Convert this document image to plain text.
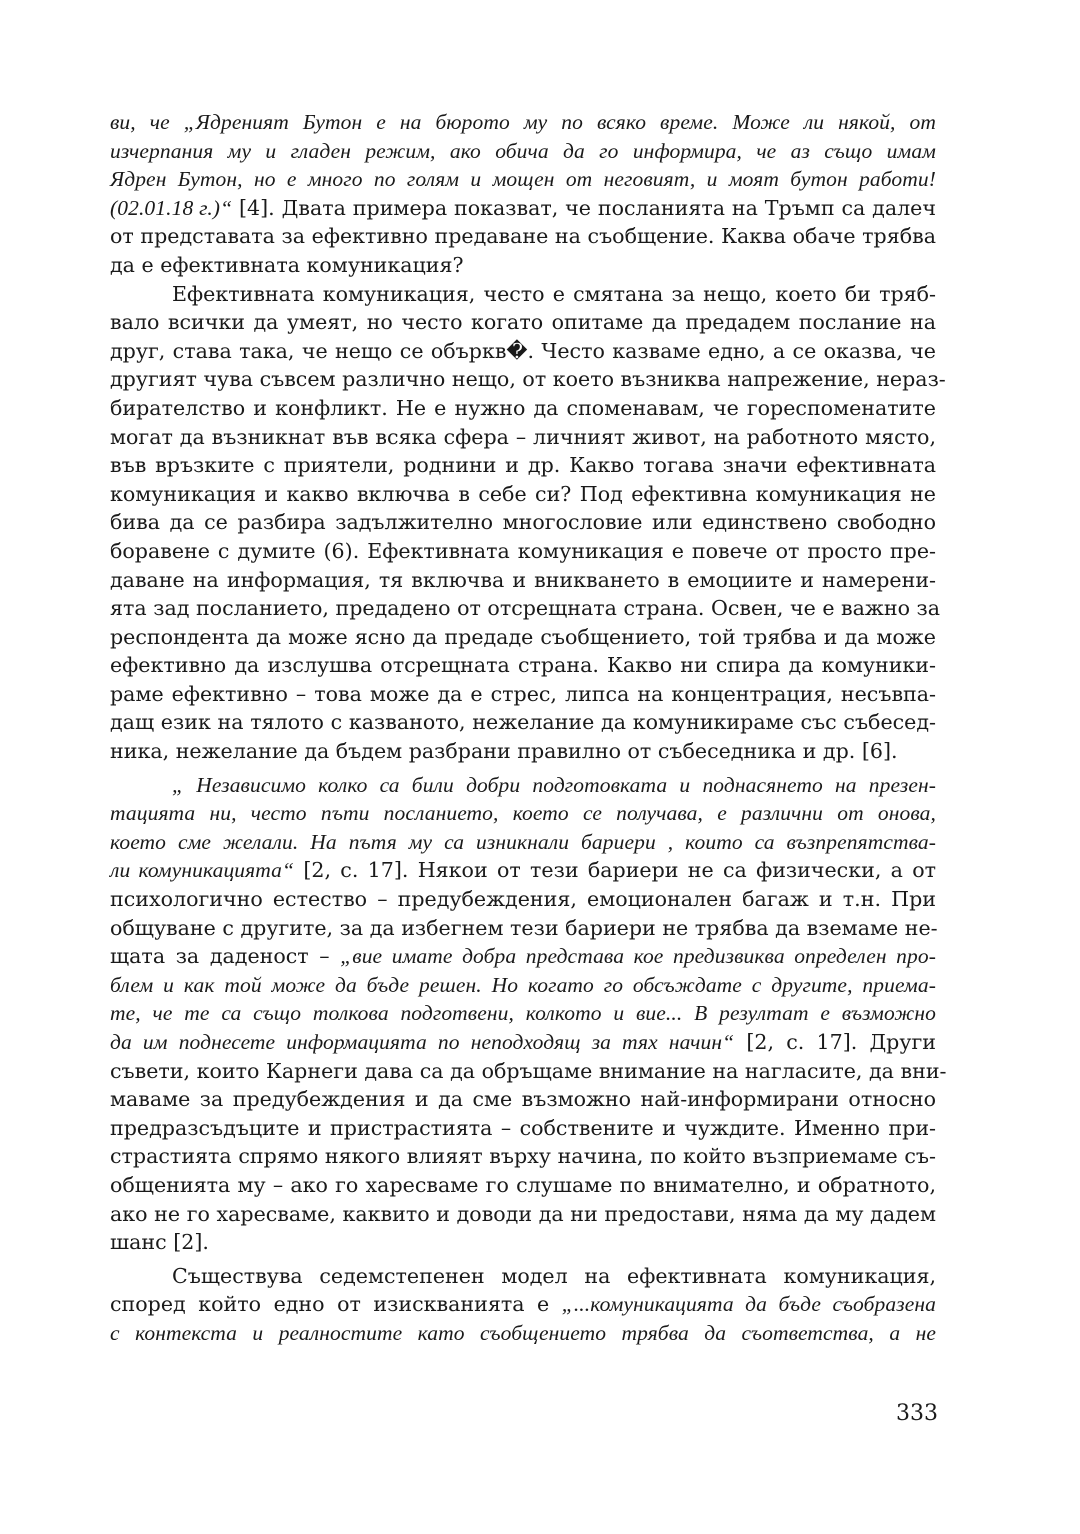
ви, че „Ядреният Бутон е на бюрото му по всяко време. Може ли някой, от
изчерпания му и гладен режим, ако обича да го информира, че аз също имам
Ядрен Бутон, но е много по голям и мощен от неговият, и моят бутон работи!
(02.01.18 г.)“ [4]. Двата примера показват, че посланията на Тръмп са далеч
от представата за ефективно предаване на съобщение. Каква обаче трябва
да е ефективната комуникация?
Ефективната комуникация, често е смятана за нещо, което би тряб-
вало всички да умеят, но често когато опитаме да предадем послание на
друг, става така, че нещо се объркв�. Често казваме едно, а се оказва, че
другият чува съвсем различно нещо, от което възниква напрежение, нераз-
бирателство и конфликт. Не е нужно да споменавам, че гореспоменатите
могат да възникнат във всяка сфера – личният живот, на работното място,
във връзките с приятели, роднини и др. Какво тогава значи ефективната
комуникация и какво включва в себе си? Под ефективна комуникация не
бива да се разбира задължително многословие или единствено свободно
боравене с думите (6). Ефективната комуникация е повече от просто пре-
даване на информация, тя включва и вникването в емоциите и намерени-
ята зад посланието, предадено от отсрещната страна. Освен, че е важно за
респондента да може ясно да предаде съобщението, той трябва и да може
ефективно да изслушва отсрещната страна. Какво ни спира да комуники-
раме ефективно – това може да е стрес, липса на концентрация, несъвпа-
дащ език на тялото с казваното, нежелание да комуникираме със събесед-
ника, нежелание да бъдем разбрани правилно от събеседника и др. [6].
„ Независимо колко са били добри подготовката и поднасянето на презен-
тацията ни, често пъти посланието, което се получава, е различни от онова,
което сме желали. На пътя му са изникнали бариери , които са възпрепятства-
ли комуникацията“ [2, с. 17]. Някои от тези бариери не са физически, а от
психологично естество – предубеждения, емоционален багаж и т.н. При
общуване с другите, за да избегнем тези бариери не трябва да вземаме не-
щата за даденост – „вие имате добра представа кое предизвиква определен про-
блем и как той може да бъде решен. Но когато го обсъждате с другите, приема-
те, че те са също толкова подготвени, колкото и вие... В резултат е възможно
да им поднесете информацията по неподходящ за тях начин“ [2, с. 17]. Други
съвети, които Карнеги дава са да обръщаме внимание на нагласите, да вни-
маваме за предубеждения и да сме възможно най-информирани относно
предразсъдъците и пристрастията – собствените и чуждите. Именно при-
страстията спрямо някого влияят върху начина, по който възприемаме съ-
общенията му – ако го харесваме го слушаме по внимателно, и обратното,
ако не го харесваме, каквито и доводи да ни предостави, няма да му дадем
шанс [2].
Съществува седемстепенен модел на ефективната комуникация,
според който едно от изискванията е „...комуникацията да бъде съобразена
с контекста и реалностите като съобщението трябва да съответства, а не
333
